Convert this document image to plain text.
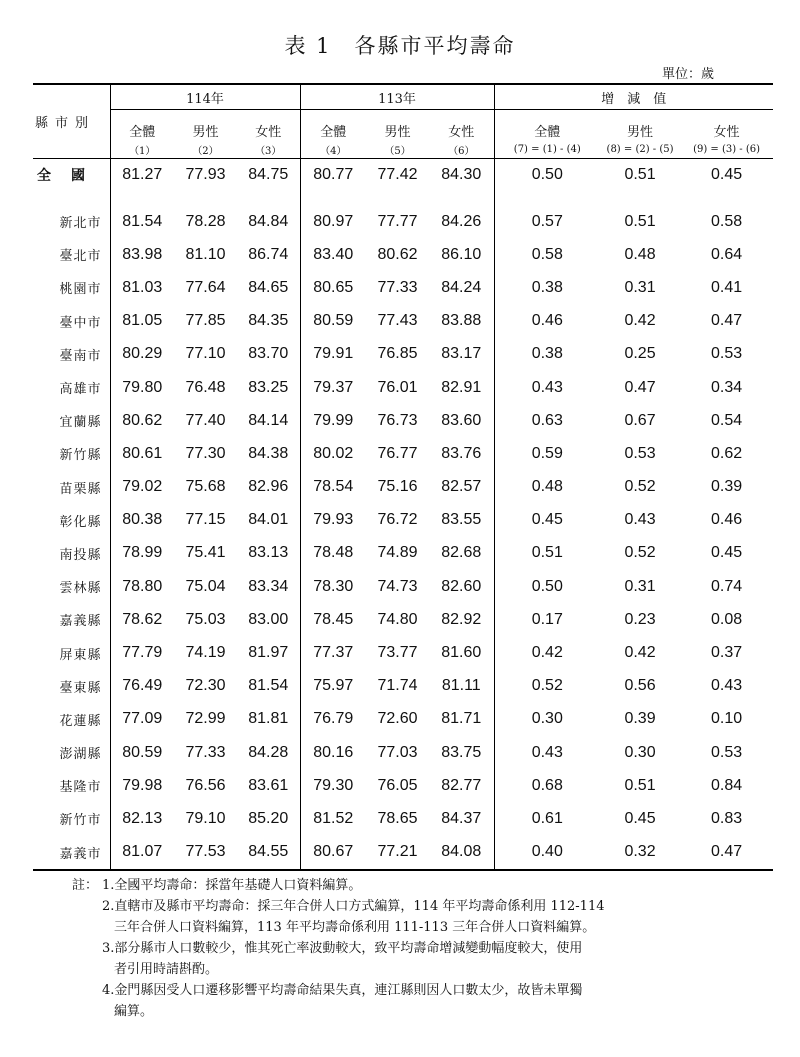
表 1　各縣市平均壽命
單位：歲
縣市別	114年			113年			增　減　值		
	全體	男性	女性	全體	男性	女性	全體	男性	女性
	（1）	（2）	（3）	（4）	（5）	（6）	(7) = (1) - (4)	(8) = (2) - (5)	(9) = (3) - (6)
全 國	81.27	77.93	84.75	80.77	77.42	84.30	0.50	0.51	0.45

新北市	81.54	78.28	84.84	80.97	77.77	84.26	0.57	0.51	0.58
臺北市	83.98	81.10	86.74	83.40	80.62	86.10	0.58	0.48	0.64
桃園市	81.03	77.64	84.65	80.65	77.33	84.24	0.38	0.31	0.41
臺中市	81.05	77.85	84.35	80.59	77.43	83.88	0.46	0.42	0.47
臺南市	80.29	77.10	83.70	79.91	76.85	83.17	0.38	0.25	0.53
高雄市	79.80	76.48	83.25	79.37	76.01	82.91	0.43	0.47	0.34
宜蘭縣	80.62	77.40	84.14	79.99	76.73	83.60	0.63	0.67	0.54
新竹縣	80.61	77.30	84.38	80.02	76.77	83.76	0.59	0.53	0.62
苗栗縣	79.02	75.68	82.96	78.54	75.16	82.57	0.48	0.52	0.39
彰化縣	80.38	77.15	84.01	79.93	76.72	83.55	0.45	0.43	0.46
南投縣	78.99	75.41	83.13	78.48	74.89	82.68	0.51	0.52	0.45
雲林縣	78.80	75.04	83.34	78.30	74.73	82.60	0.50	0.31	0.74
嘉義縣	78.62	75.03	83.00	78.45	74.80	82.92	0.17	0.23	0.08
屏東縣	77.79	74.19	81.97	77.37	73.77	81.60	0.42	0.42	0.37
臺東縣	76.49	72.30	81.54	75.97	71.74	81.11	0.52	0.56	0.43
花蓮縣	77.09	72.99	81.81	76.79	72.60	81.71	0.30	0.39	0.10
澎湖縣	80.59	77.33	84.28	80.16	77.03	83.75	0.43	0.30	0.53
基隆市	79.98	76.56	83.61	79.30	76.05	82.77	0.68	0.51	0.84
新竹市	82.13	79.10	85.20	81.52	78.65	84.37	0.61	0.45	0.83
嘉義市	81.07	77.53	84.55	80.67	77.21	84.08	0.40	0.32	0.47
註： 1.全國平均壽命：採當年基礎人口資料編算。
2.直轄市及縣市平均壽命：採三年合併人口方式編算，114 年平均壽命係利用 112-114
三年合併人口資料編算，113 年平均壽命係利用 111-113 三年合併人口資料編算。
3.部分縣市人口數較少，惟其死亡率波動較大，致平均壽命增減變動幅度較大，使用
者引用時請斟酌。
4.金門縣因受人口遷移影響平均壽命結果失真，連江縣則因人口數太少，故皆未單獨
編算。
